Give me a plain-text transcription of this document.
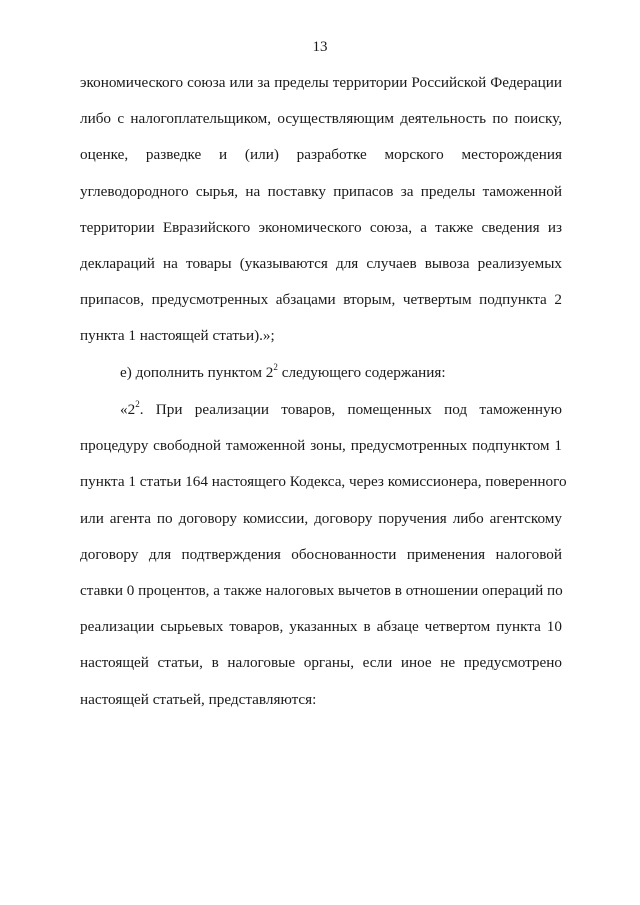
13
экономического союза или за пределы территории Российской Федерации
либо с налогоплательщиком, осуществляющим деятельность по поиску,
оценке, разведке и (или) разработке морского месторождения
углеводородного сырья, на поставку припасов за пределы таможенной
территории Евразийского экономического союза, а также сведения из
деклараций на товары (указываются для случаев вывоза реализуемых
припасов, предусмотренных абзацами вторым, четвертым подпункта 2
пункта 1 настоящей статьи).»;
е) дополнить пунктом $2^2$ следующего содержания:
«$2^2$. При реализации товаров, помещенных под таможенную
процедуру свободной таможенной зоны, предусмотренных подпунктом 1
пункта 1 статьи 164 настоящего Кодекса, через комиссионера, поверенного
или агента по договору комиссии, договору поручения либо агентскому
договору для подтверждения обоснованности применения налоговой
ставки 0 процентов, а также налоговых вычетов в отношении операций по
реализации сырьевых товаров, указанных в абзаце четвертом пункта 10
настоящей статьи, в налоговые органы, если иное не предусмотрено
настоящей статьей, представляются:
